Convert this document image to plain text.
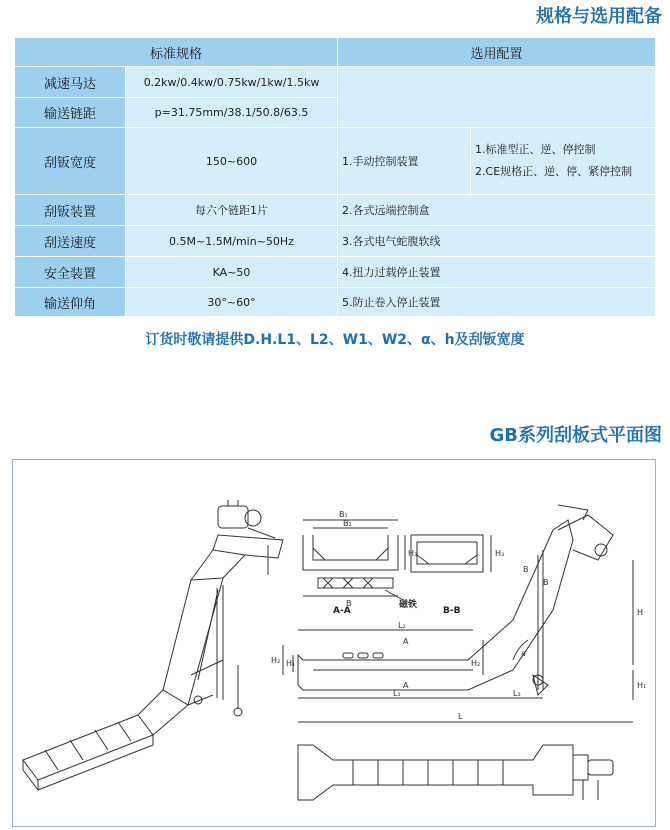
规格与选用配备
标准规格		选用配置	
减速马达	0.2kw/0.4kw/0.75kw/1kw/1.5kw		
输送链距	p=31.75mm/38.1/50.8/63.5		
刮钣宽度	150~600	1.手动控制装置	1.标准型正、逆、停控制
2.CE规格正、逆、停、紧停控制

刮钣装置	每六个链距1片	2.各式远端控制盒	
刮送速度	0.5M~1.5M/min~50Hz	3.各式电气蛇腹软线	
安全装置	KA~50	4.扭力过载停止装置	
输送仰角	30°~60°	5.防止卷入停止装置	
订货时敬请提供D.H.L1、L2、W1、W2、α、h及刮钣宽度
GB系列刮板式平面图
B₁
B₂
B
H₃	H₃
A-A	B-B
磁铁
L₂
L₁	L₃
L
H
H₁
H₂ H₁	H₂
a
A
A
B
B
